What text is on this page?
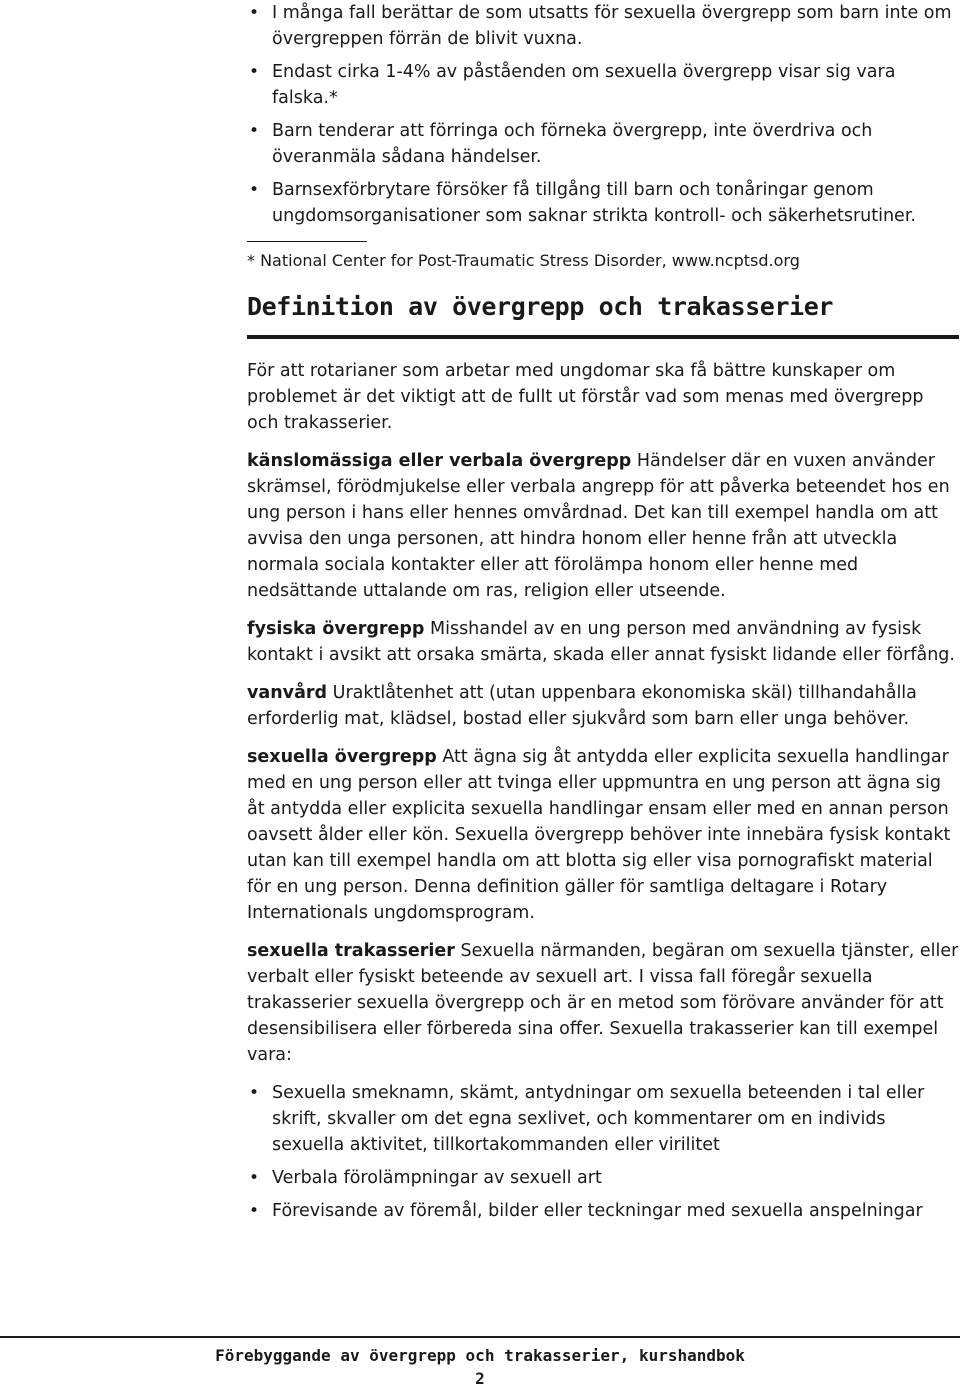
• I många fall berättar de som utsatts för sexuella övergrepp som barn inte om övergreppen förrän de blivit vuxna.
• Endast cirka 1-4% av påståenden om sexuella övergrepp visar sig vara falska.*
• Barn tenderar att förringa och förneka övergrepp, inte överdriva och överanmäla sådana händelser.
• Barnsexförbrytare försöker få tillgång till barn och tonåringar genom ungdomsorganisationer som saknar strikta kontroll- och säkerhetsrutiner.

* National Center for Post-Traumatic Stress Disorder, www.ncptsd.org

Definition av övergrepp och trakasserier

För att rotarianer som arbetar med ungdomar ska få bättre kunskaper om problemet är det viktigt att de fullt ut förstår vad som menas med övergrepp och trakasserier.

känslomässiga eller verbala övergrepp Händelser där en vuxen använder skrämsel, förödmjukelse eller verbala angrepp för att påverka beteendet hos en ung person i hans eller hennes omvårdnad. Det kan till exempel handla om att avvisa den unga personen, att hindra honom eller henne från att utveckla normala sociala kontakter eller att förolämpa honom eller henne med nedsättande uttalande om ras, religion eller utseende.

fysiska övergrepp Misshandel av en ung person med användning av fysisk kontakt i avsikt att orsaka smärta, skada eller annat fysiskt lidande eller förfång.

vanvård Uraktlåtenhet att (utan uppenbara ekonomiska skäl) tillhandahålla erforderlig mat, klädsel, bostad eller sjukvård som barn eller unga behöver.

sexuella övergrepp Att ägna sig åt antydda eller explicita sexuella handlingar med en ung person eller att tvinga eller uppmuntra en ung person att ägna sig åt antydda eller explicita sexuella handlingar ensam eller med en annan person oavsett ålder eller kön. Sexuella övergrepp behöver inte innebära fysisk kontakt utan kan till exempel handla om att blotta sig eller visa pornografiskt material för en ung person. Denna definition gäller för samtliga deltagare i Rotary Internationals ungdomsprogram.

sexuella trakasserier Sexuella närmanden, begäran om sexuella tjänster, eller verbalt eller fysiskt beteende av sexuell art. I vissa fall föregår sexuella trakasserier sexuella övergrepp och är en metod som förövare använder för att desensibilisera eller förbereda sina offer. Sexuella trakasserier kan till exempel vara:

• Sexuella smeknamn, skämt, antydningar om sexuella beteenden i tal eller skrift, skvaller om det egna sexlivet, och kommentarer om en individs sexuella aktivitet, tillkortakommanden eller virilitet
• Verbala förolämpningar av sexuell art
• Förevisande av föremål, bilder eller teckningar med sexuella anspelningar
Förebyggande av övergrepp och trakasserier, kurshandbok
2
